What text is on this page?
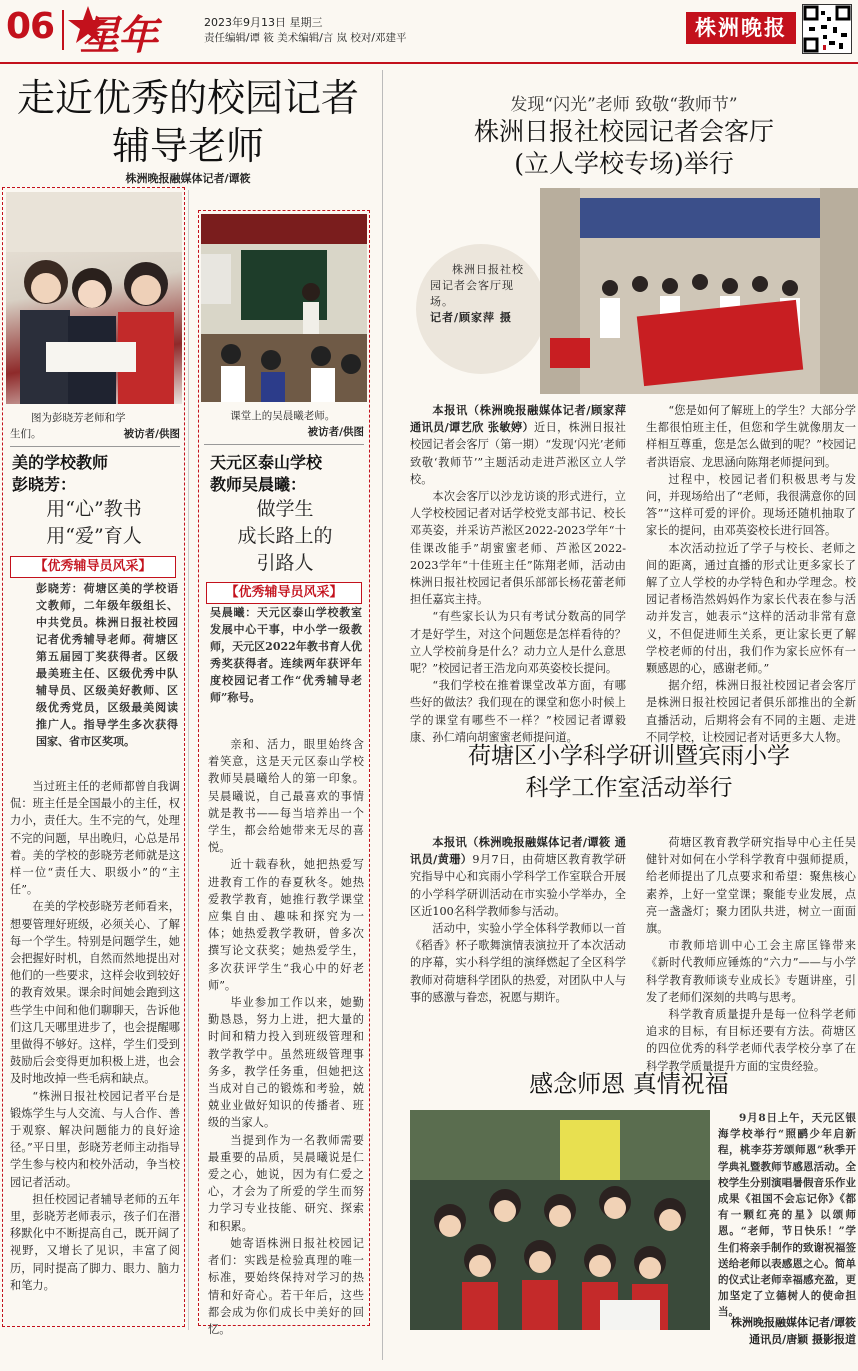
06 星年	2023年9月13日 星期三
责任编辑/谭 筱 美术编辑/言 岚 校对/邓建平	株洲晚报
走近优秀的校园记者
辅导老师
株洲晚报融媒体记者/谭筱
图为彭晓芳老师和学
生们。	被访者/供图
美的学校教师
彭晓芳：
用“心”教书
用“爱”育人
【优秀辅导员风采】
彭晓芳：荷塘区美的学校语文教师，二年级年级组长、中共党员。株洲日报社校园记者优秀辅导老师。荷塘区第五届园丁奖获得者。区级最美班主任、区级优秀中队辅导员、区级美好教师、区级优秀党员，区级最美阅读推广人。指导学生多次获得国家、省市区奖项。

当过班主任的老师都曾自我调侃：班主任是全国最小的主任，权力小，责任大。生不完的气，处理不完的问题，早出晚归，心总是吊着。美的学校的彭晓芳老师就是这样一位“责任大、职级小”的“主任”。

在美的学校彭晓芳老师看来，想要管理好班级，必须关心、了解每一个学生。特别是问题学生，她会把握好时机，自然而然地提出对他们的一些要求，这样会收到较好的教育效果。课余时间她会跑到这些学生中间和他们聊聊天，告诉他们这几天哪里进步了，也会提醒哪里做得不够好。这样，学生们受到鼓励后会变得更加积极上进，也会及时地改掉一些毛病和缺点。

“株洲日报社校园记者平台是锻炼学生与人交流、与人合作、善于观察、解决问题能力的良好途径。”平日里，彭晓芳老师主动指导学生参与校内和校外活动，争当校园记者活动。

担任校园记者辅导老师的五年里，彭晓芳老师表示，孩子们在潜移默化中不断提高自己，既开阔了视野，又增长了见识，丰富了阅历，同时提高了脚力、眼力、脑力和笔力。

课堂上的吴晨曦老师。
被访者/供图
天元区泰山学校
教师吴晨曦：
做学生
成长路上的
引路人
【优秀辅导员风采】
吴晨曦：天元区泰山学校教室发展中心干事，中小学一级教师，天元区2022年教书育人优秀奖获得者。连续两年获评年度校园记者工作“优秀辅导老师”称号。

亲和、活力，眼里始终含着笑意，这是天元区泰山学校教师吴晨曦给人的第一印象。吴晨曦说，自己最喜欢的事情就是教书——每当培养出一个学生，都会给她带来无尽的喜悦。

近十载春秋，她把热爱写进教育工作的春夏秋冬。她热爱教学教育，她推行教学课堂应集自由、趣味和探究为一体；她热爱教学教研，曾多次撰写论文获奖；她热爱学生，多次获评学生“我心中的好老师”。

毕业参加工作以来，她勤勤恳恳，努力上进，把大量的时间和精力投入到班级管理和教学教学中。虽然班级管理事务多，教学任务重，但她把这当成对自己的锻炼和考验，兢兢业业做好知识的传播者、班级的当家人。

当提到作为一名教师需要最重要的品质，吴晨曦说是仁爱之心，她说，因为有仁爱之心，才会为了所爱的学生而努力学习专业技能、研究、探索和积累。

她寄语株洲日报社校园记者们：实践是检验真理的唯一标准，要始终保持对学习的热情和好奇心。若干年后，这些都会成为你们成长中美好的回忆。

发现“闪光”老师 致敬“教师节”
株洲日报社校园记者会客厅
(立人学校专场)举行
株洲日报社校园记者会客厅现场。
记者/顾家萍 摄

本报讯（株洲晚报融媒体记者/顾家萍 通讯员/谭艺欣 张敏婷）近日，株洲日报社校园记者会客厅（第一期）“发现‘闪光’老师 致敬‘教师节’”主题活动走进芦淞区立人学校。

本次会客厅以沙龙访谈的形式进行，立人学校校园记者对话学校党支部书记、校长邓英姿，并采访芦淞区2022-2023学年“十佳课改能手”胡蜜蜜老师、芦淞区2022-2023学年“十佳班主任”陈翔老师，活动由株洲日报社校园记者俱乐部部长杨花蕾老师担任嘉宾主持。

“有些家长认为只有考试分数高的同学才是好学生，对这个问题您是怎样看待的？立人学校前身是什么？动力立人是什么意思呢？”校园记者王浩龙向邓英姿校长提问。

“我们学校在推着课堂改革方面，有哪些好的做法？我们现在的课堂和您小时候上学的课堂有哪些不一样？”校园记者谭毅康、孙仁靖向胡蜜蜜老师提问道。

“您是如何了解班上的学生？大部分学生都很怕班主任，但您和学生就像朋友一样相互尊重，您是怎么做到的呢？”校园记者洪语宸、龙思涵向陈翔老师提问到。

过程中，校园记者们积极思考与发问，并现场给出了“老师，我很满意你的回答”“这样可爱的评价。现场还随机抽取了家长的提问，由邓英姿校长进行回答。

本次活动拉近了学子与校长、老师之间的距离，通过直播的形式让更多家长了解了立人学校的办学特色和办学理念。校园记者杨浩然妈妈作为家长代表在参与活动并发言，她表示“这样的活动非常有意义，不但促进师生关系，更让家长更了解学校老师的付出，我们作为家长应怀有一颗感恩的心，感谢老师。”

据介绍，株洲日报社校园记者会客厅是株洲日报社校园记者俱乐部推出的全新直播活动，后期将会有不同的主题、走进不同学校，让校园记者对话更多大人物。

荷塘区小学科学研训暨宾雨小学
科学工作室活动举行

本报讯（株洲晚报融媒体记者/谭筱 通讯员/黄珊）9月7日，由荷塘区教育教学研究指导中心和宾雨小学科学工作室联合开展的小学科学研训活动在市实验小学举办，全区近100名科学教师参与活动。

活动中，实验小学全体科学教师以一首《稻香》杯子歌舞演情表演拉开了本次活动的序幕，实小科学组的演绎燃起了全区科学教师对荷塘科学团队的热爱，对团队中人与事的感激与眷恋，祝愿与期许。

荷塘区教育教学研究指导中心主任吴健针对如何在小学科学教育中强师提质，给老师提出了几点要求和希望：聚焦核心素养，上好一堂堂课；聚能专业发展，点亮一盏盏灯；聚力团队共进，树立一面面旗。

市教师培训中心工会主席匡锋带来《新时代教师应锤炼的“六力”——与小学科学教育教师谈专业成长》专题讲座，引发了老师们深刻的共鸣与思考。

科学教育质量提升是每一位科学老师追求的目标，有目标还要有方法。荷塘区的四位优秀的科学老师代表学校分享了在科学教学质量提升方面的宝贵经验。

感念师恩 真情祝福
9月8日上午，天元区银海学校举行“照鹂少年启新程，桃李芬芳颂师恩”秋季开学典礼暨教师节感恩活动。全校学生分别演唱暑假音乐作业成果《祖国不会忘记你》《都有一颗红亮的星》以颂师恩。“老师，节日快乐！”学生们将亲手制作的致谢祝福签送给老师以表感恩之心。简单的仪式让老师幸福感充盈，更加坚定了立德树人的使命担当。
株洲晚报融媒体记者/谭筱
通讯员/唐颖 摄影报道
